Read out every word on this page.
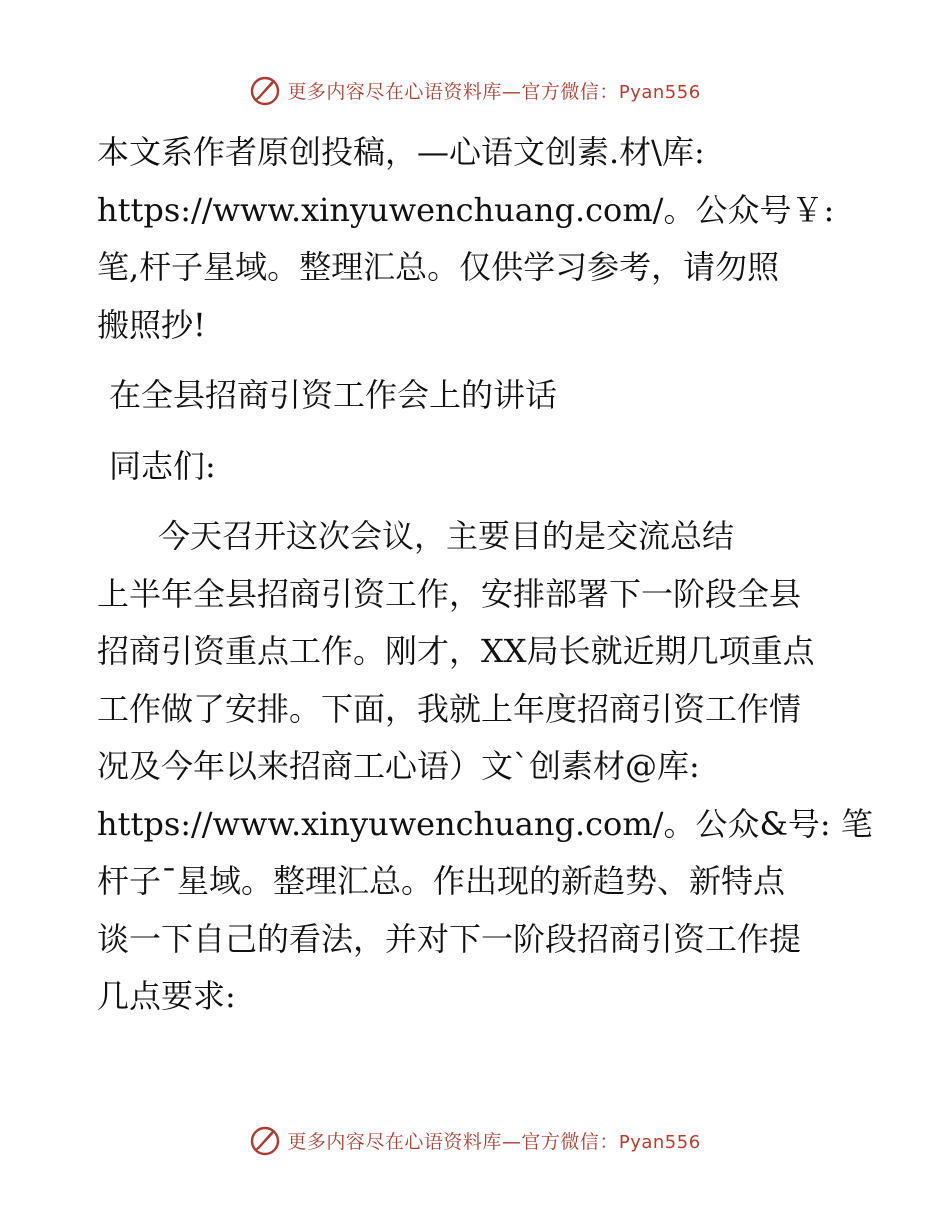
更多内容尽在心语资料库—官方微信：Pyan556

本文系作者原创投稿，—心语文创素.材\库:
https://www.xinyuwenchuang.com/。公众号￥:
笔,杆子星域。整理汇总。仅供学习参考，请勿照
搬照抄!

在全县招商引资工作会上的讲话

同志们:

今天召开这次会议，主要目的是交流总结
上半年全县招商引资工作，安排部署下一阶段全县
招商引资重点工作。刚才，XX局长就近期几项重点
工作做了安排。下面，我就上年度招商引资工作情
况及今年以来招商工心语）文`创素材@库:
https://www.xinyuwenchuang.com/。公众&号: 笔
杆子¯星域。整理汇总。作出现的新趋势、新特点
谈一下自己的看法，并对下一阶段招商引资工作提
几点要求:

更多内容尽在心语资料库—官方微信：Pyan556
